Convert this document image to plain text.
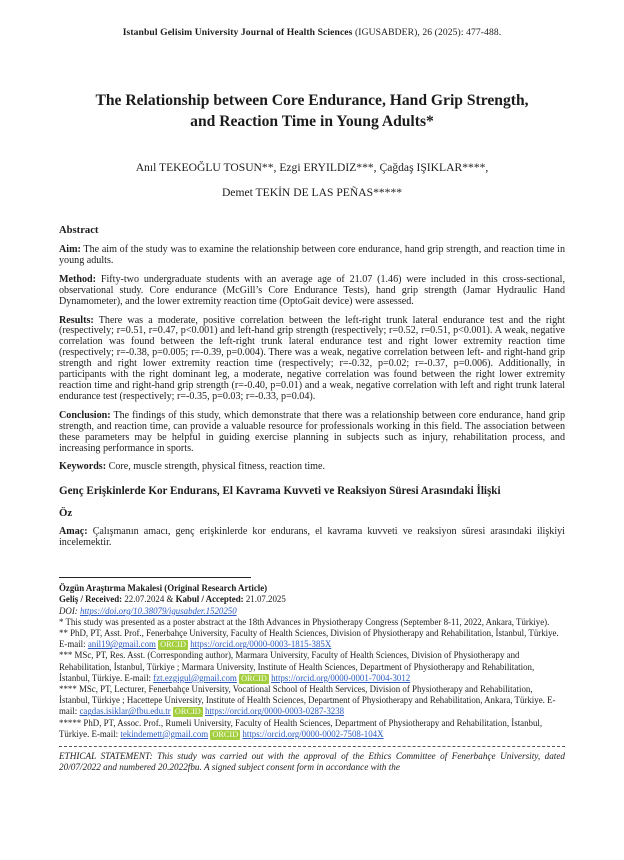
Istanbul Gelisim University Journal of Health Sciences (IGUSABDER), 26 (2025): 477-488.
The Relationship between Core Endurance, Hand Grip Strength, and Reaction Time in Young Adults*
Anıl TEKEOĞLU TOSUN**, Ezgi ERYILDIZ***, Çağdaş IŞIKLAR****,
Demet TEKİN DE LAS PEÑAS*****
Abstract

Aim: The aim of the study was to examine the relationship between core endurance, hand grip strength, and reaction time in young adults.

Method: Fifty-two undergraduate students with an average age of 21.07 (1.46) were included in this cross-sectional, observational study. Core endurance (McGill’s Core Endurance Tests), hand grip strength (Jamar Hydraulic Hand Dynamometer), and the lower extremity reaction time (OptoGait device) were assessed.

Results: There was a moderate, positive correlation between the left-right trunk lateral endurance test and the right (respectively; r=0.51, r=0.47, p<0.001) and left-hand grip strength (respectively; r=0.52, r=0.51, p<0.001). A weak, negative correlation was found between the left-right trunk lateral endurance test and right lower extremity reaction time (respectively; r=-0.38, p=0.005; r=-0.39, p=0.004). There was a weak, negative correlation between left- and right-hand grip strength and right lower extremity reaction time (respectively; r=-0.32, p=0.02; r=-0.37, p=0.006). Additionally, in participants with the right dominant leg, a moderate, negative correlation was found between the right lower extremity reaction time and right-hand grip strength (r=-0.40, p=0.01) and a weak, negative correlation with left and right trunk lateral endurance test (respectively; r=-0.35, p=0.03; r=-0.33, p=0.04).

Conclusion: The findings of this study, which demonstrate that there was a relationship between core endurance, hand grip strength, and reaction time, can provide a valuable resource for professionals working in this field. The association between these parameters may be helpful in guiding exercise planning in subjects such as injury, rehabilitation process, and increasing performance in sports.

Keywords: Core, muscle strength, physical fitness, reaction time.

Genç Erişkinlerde Kor Endurans, El Kavrama Kuvveti ve Reaksiyon Süresi Arasındaki İlişki
Öz

Amaç: Çalışmanın amacı, genç erişkinlerde kor endurans, el kavrama kuvveti ve reaksiyon süresi arasındaki ilişkiyi incelemektir.

Özgün Araştırma Makalesi (Original Research Article)
Geliş / Received: 22.07.2024 & Kabul / Accepted: 21.07.2025
DOI: https://doi.org/10.38079/igusabder.1520250
* This study was presented as a poster abstract at the 18th Advances in Physiotherapy Congress (September 8-11, 2022, Ankara, Türkiye).
** PhD, PT, Asst. Prof., Fenerbahçe University, Faculty of Health Sciences, Division of Physiotherapy and Rehabilitation, İstanbul, Türkiye. E-mail: anil19@gmail.com ORCID https://orcid.org/0000-0003-1815-385X
*** MSc, PT, Res. Asst. (Corresponding author), Marmara University, Faculty of Health Sciences, Division of Physiotherapy and Rehabilitation, İstanbul, Türkiye ; Marmara University, Institute of Health Sciences, Department of Physiotherapy and Rehabilitation, İstanbul, Türkiye. E-mail: fzt.ezgigul@gmail.com ORCID https://orcid.org/0000-0001-7004-3012
**** MSc, PT, Lecturer, Fenerbahçe University, Vocational School of Health Services, Division of Physiotherapy and Rehabilitation, İstanbul, Türkiye ; Hacettepe University, Institute of Health Sciences, Department of Physiotherapy and Rehabilitation, Ankara, Türkiye. E-mail: cagdas.isiklar@fbu.edu.tr ORCID https://orcid.org/0000-0003-0287-3238
***** PhD, PT, Assoc. Prof., Rumeli University, Faculty of Health Sciences, Department of Physiotherapy and Rehabilitation, İstanbul, Türkiye. E-mail: tekindemett@gmail.com ORCID https://orcid.org/0000-0002-7508-104X

ETHICAL STATEMENT: This study was carried out with the approval of the Ethics Committee of Fenerbahçe University, dated 20/07/2022 and numbered 20.2022fbu. A signed subject consent form in accordance with the
